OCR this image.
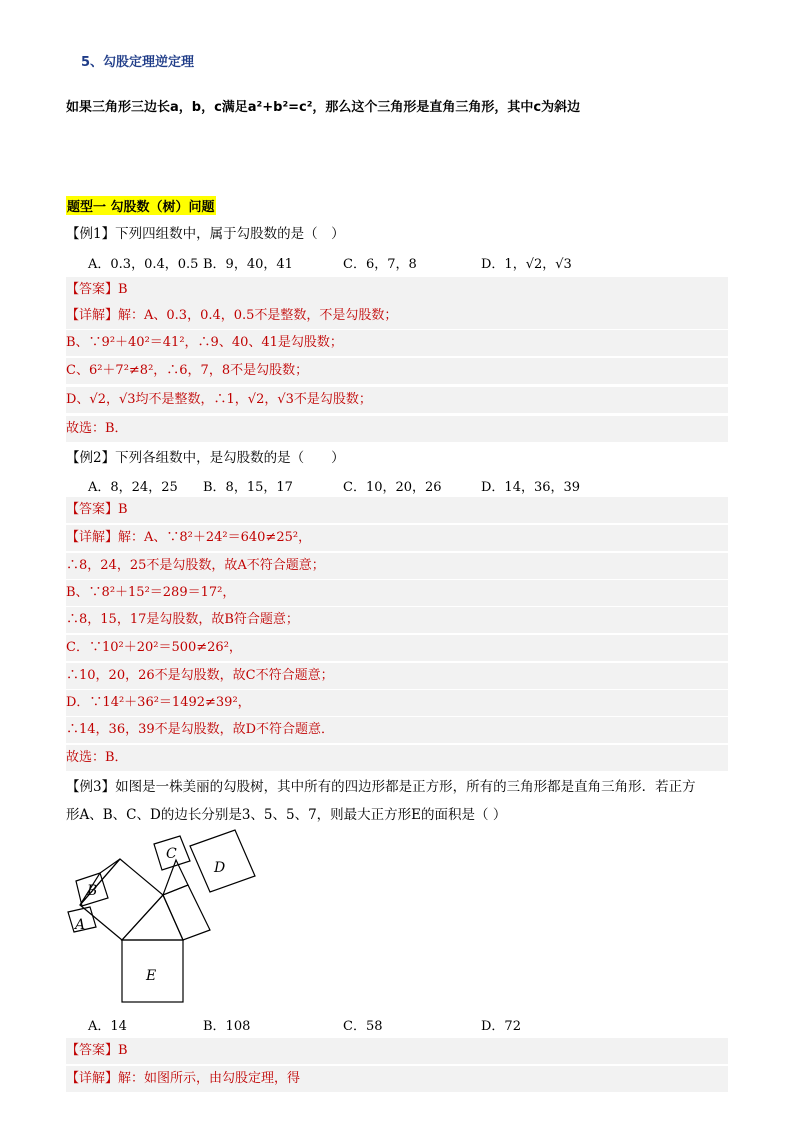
5、勾股定理逆定理
如果三角形三边长a，b，c满足a²+b²=c²，那么这个三角形是直角三角形，其中c为斜边
题型一 勾股数（树）问题
【例1】下列四组数中，属于勾股数的是（　）
A．0.3，0.4，0.5 B．9，40，41	C．6，7，8	D．1，√2，√3
【答案】B
【详解】解：A、0.3，0.4，0.5不是整数，不是勾股数；
B、∵9²＋40²＝41²，∴9、40、41是勾股数；
C、6²＋7²≠8²，∴6，7，8不是勾股数；
D、√2，√3均不是整数，∴1，√2，√3不是勾股数；
故选：B．
【例2】下列各组数中，是勾股数的是（　　）
A．8，24，25 B．8，15，17	C．10，20，26	D．14，36，39
【答案】B
【详解】解：A、∵8²＋24²＝640≠25²，
∴8，24，25不是勾股数，故A不符合题意；
B、∵8²＋15²＝289＝17²，
∴8，15，17是勾股数，故B符合题意；
C．∵10²＋20²＝500≠26²，
∴10，20，26不是勾股数，故C不符合题意；
D．∵14²＋36²＝1492≠39²，
∴14，36，39不是勾股数，故D不符合题意．
故选：B．
【例3】如图是一株美丽的勾股树，其中所有的四边形都是正方形，所有的三角形都是直角三角形．若正方
形A、B、C、D的边长分别是3、5、5、7，则最大正方形E的面积是（ ）
E
A
B
C
D
A．14	B．108	C．58	D．72
【答案】B
【详解】解：如图所示，由勾股定理，得
